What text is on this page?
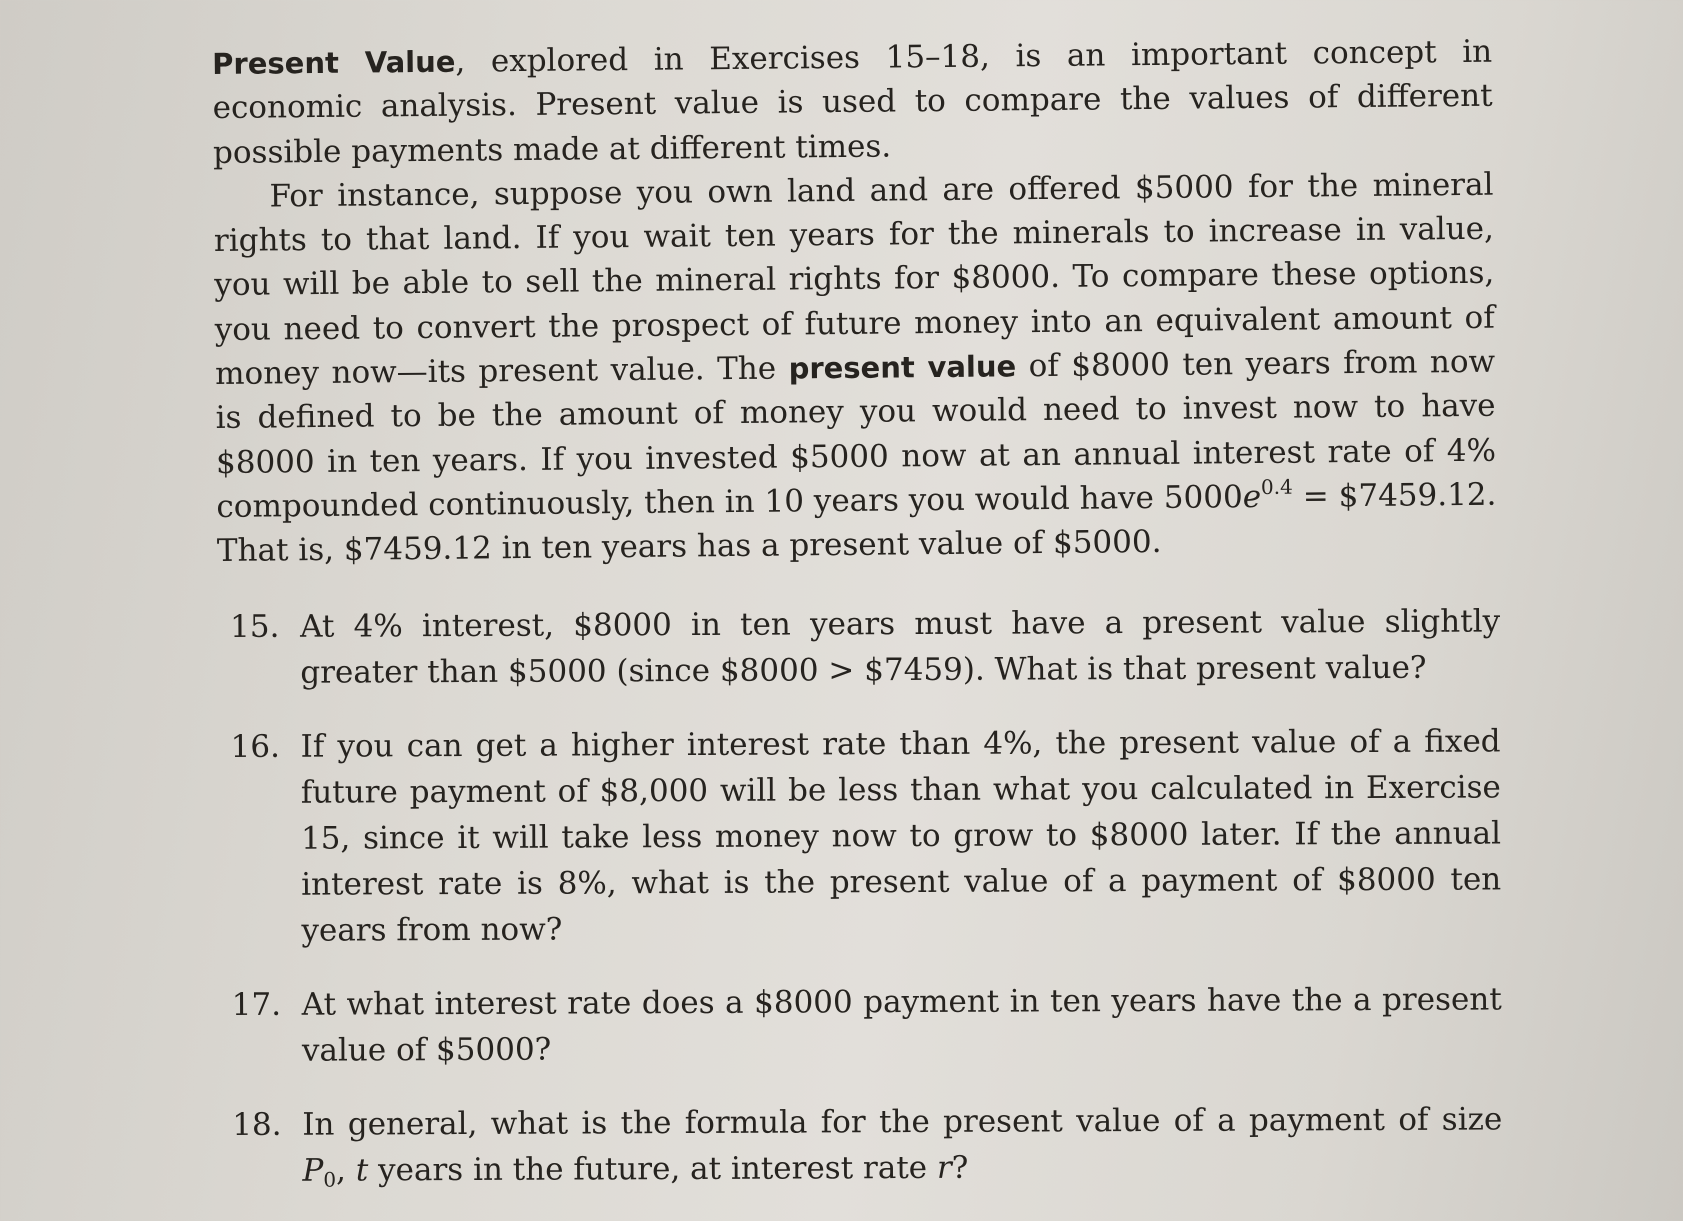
Present Value, explored in Exercises 15–18, is an important concept in economic analysis. Present value is used to compare the values of different possible payments made at different times.

For instance, suppose you own land and are offered $5000 for the mineral rights to that land. If you wait ten years for the minerals to increase in value, you will be able to sell the mineral rights for $8000. To compare these options, you need to convert the prospect of future money into an equivalent amount of money now—its present value. The present value of $8000 ten years from now is defined to be the amount of money you would need to invest now to have $8000 in ten years. If you invested $5000 now at an annual interest rate of 4% compounded continuously, then in 10 years you would have $5000e^{0.4}$ = $7459.12. That is, $7459.12 in ten years has a present value of $5000.

15. At 4% interest, $8000 in ten years must have a present value slightly greater than $5000 (since $8000 > $7459). What is that present value?
16. If you can get a higher interest rate than 4%, the present value of a fixed future payment of $8,000 will be less than what you calculated in Exercise 15, since it will take less money now to grow to $8000 later. If the annual interest rate is 8%, what is the present value of a payment of $8000 ten years from now?
17. At what interest rate does a $8000 payment in ten years have the a present value of $5000?
18. In general, what is the formula for the present value of a payment of size $P_0$, t years in the future, at interest rate r?
